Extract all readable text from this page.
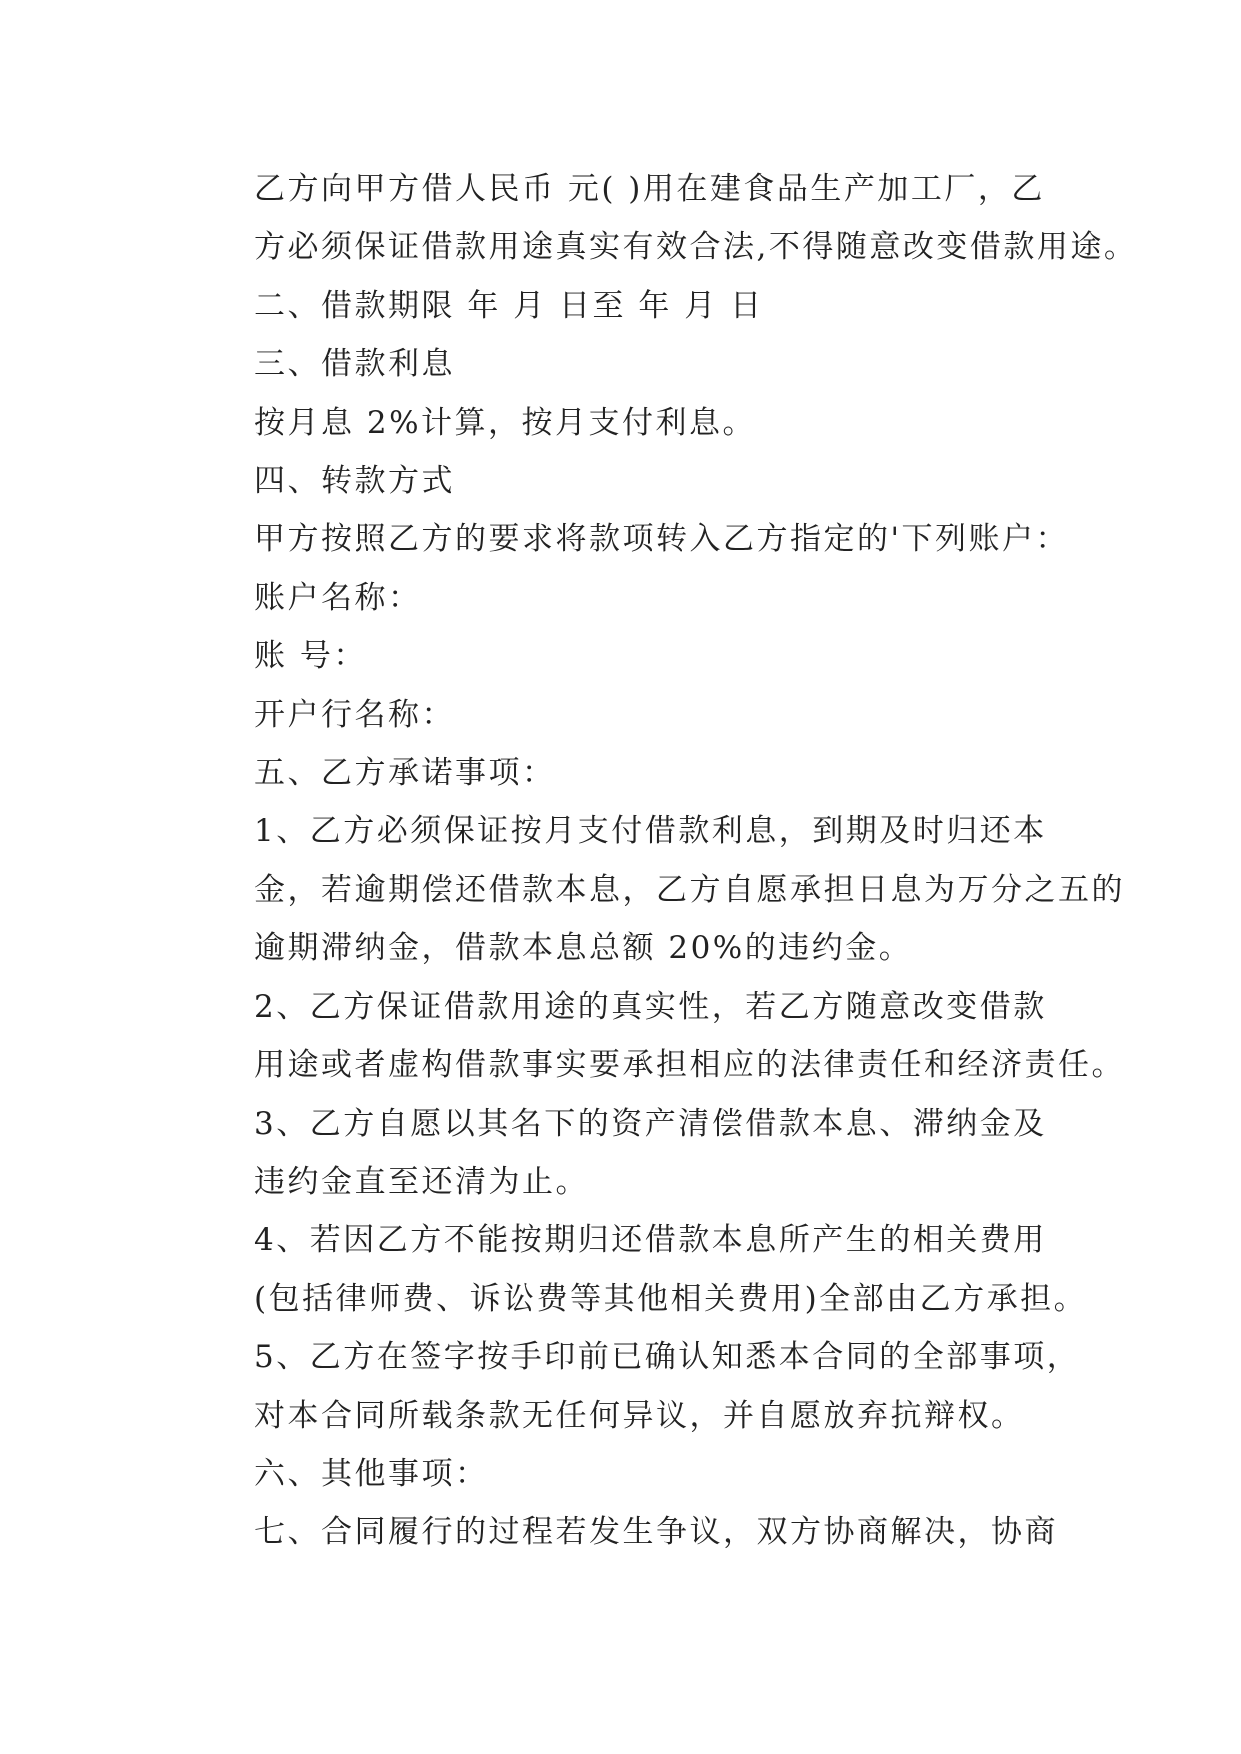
乙方向甲方借人民币 元( )用在建食品生产加工厂，乙
方必须保证借款用途真实有效合法,不得随意改变借款用途。

二、借款期限 年 月 日至 年 月 日

三、借款利息

按月息 2%计算，按月支付利息。

四、转款方式

甲方按照乙方的要求将款项转入乙方指定的'下列账户：

账户名称：

账 号：

开户行名称：

五、乙方承诺事项：

1、乙方必须保证按月支付借款利息，到期及时归还本
金，若逾期偿还借款本息，乙方自愿承担日息为万分之五的
逾期滞纳金，借款本息总额 20%的违约金。

2、乙方保证借款用途的真实性，若乙方随意改变借款
用途或者虚构借款事实要承担相应的法律责任和经济责任。

3、乙方自愿以其名下的资产清偿借款本息、滞纳金及
违约金直至还清为止。

4、若因乙方不能按期归还借款本息所产生的相关费用
(包括律师费、诉讼费等其他相关费用)全部由乙方承担。

5、乙方在签字按手印前已确认知悉本合同的全部事项，
对本合同所载条款无任何异议，并自愿放弃抗辩权。

六、其他事项：

七、合同履行的过程若发生争议，双方协商解决，协商
